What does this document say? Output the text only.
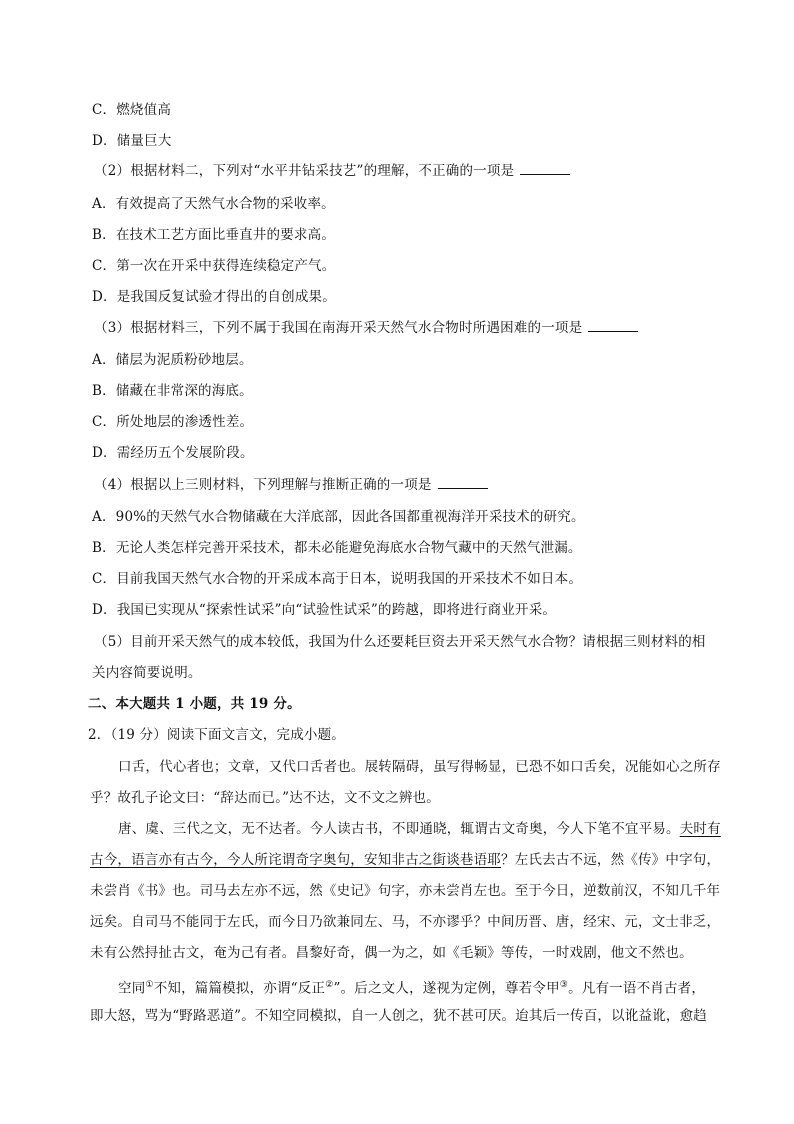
C．燃烧值高
D．储量巨大
（2）根据材料二，下列对“水平井钻采技艺”的理解，不正确的一项是
A．有效提高了天然气水合物的采收率。
B．在技术工艺方面比垂直井的要求高。
C．第一次在开采中获得连续稳定产气。
D．是我国反复试验才得出的自创成果。
（3）根据材料三，下列不属于我国在南海开采天然气水合物时所遇困难的一项是
A．储层为泥质粉砂地层。
B．储藏在非常深的海底。
C．所处地层的渗透性差。
D．需经历五个发展阶段。
（4）根据以上三则材料，下列理解与推断正确的一项是
A．90%的天然气水合物储藏在大洋底部，因此各国都重视海洋开采技术的研究。
B．无论人类怎样完善开采技术，都未必能避免海底水合物气藏中的天然气泄漏。
C．目前我国天然气水合物的开采成本高于日本，说明我国的开采技术不如日本。
D．我国已实现从“探索性试采”向“试验性试采”的跨越，即将进行商业开采。
（5）目前开采天然气的成本较低，我国为什么还要耗巨资去开采天然气水合物？请根据三则材料的相
关内容简要说明。
二、本大题共 1 小题，共 19 分。
2．（19 分）阅读下面文言文，完成小题。
口舌，代心者也；文章，又代口舌者也。展转隔碍，虽写得畅显，已恐不如口舌矣，况能如心之所存
乎？故孔子论文曰：“辞达而已。”达不达，文不文之辨也。
唐、虞、三代之文，无不达者。今人读古书，不即通晓，辄谓古文奇奥，今人下笔不宜平易。夫时有
古今，语言亦有古今，今人所诧谓奇字奥句，安知非古之街谈巷语耶？左氏去古不远，然《传》中字句，
未尝肖《书》也。司马去左亦不远，然《史记》句字，亦未尝肖左也。至于今日，逆数前汉，不知几千年
远矣。自司马不能同于左氏，而今日乃欲兼同左、马，不亦谬乎？中间历晋、唐，经宋、元，文士非乏，
未有公然挦扯古文，奄为己有者。昌黎好奇，偶一为之，如《毛颖》等传，一时戏剧，他文不然也。
空同①不知，篇篇模拟，亦谓“反正②”。后之文人，遂视为定例，尊若令甲③。凡有一语不肖古者，
即大怒，骂为“野路恶道”。不知空同模拟，自一人创之，犹不甚可厌。迨其后一传百，以讹益讹，愈趋
